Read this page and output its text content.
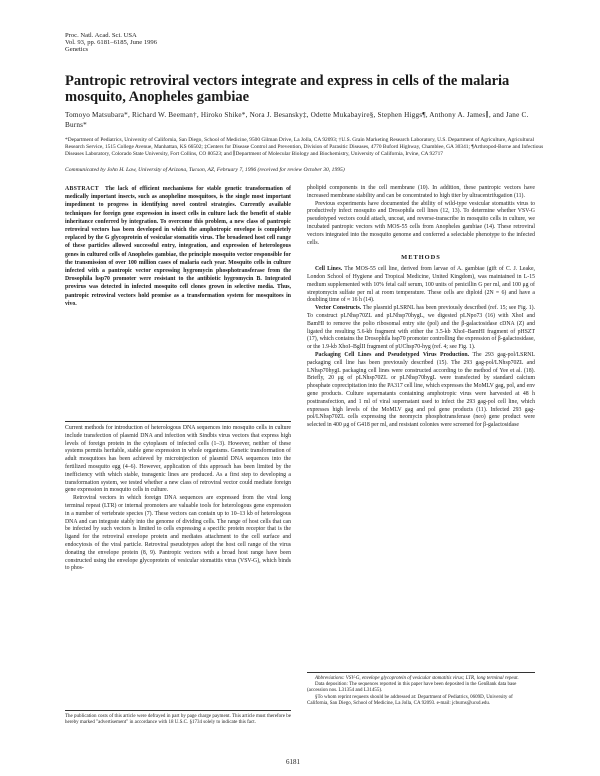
Proc. Natl. Acad. Sci. USA
Vol. 93, pp. 6181–6185, June 1996
Genetics
Pantropic retroviral vectors integrate and express in cells of the malaria mosquito, Anopheles gambiae
Tomoyo Matsubara*, Richard W. Beeman†, Hiroko Shike*, Nora J. Besansky‡, Odette Mukabayire§, Stephen Higgs¶, Anthony A. James∥, and Jane C. Burns*
*Department of Pediatrics, University of California, San Diego, School of Medicine, 9500 Gilman Drive, La Jolla, CA 92093; †U.S. Grain Marketing Research Laboratory, U.S. Department of Agriculture, Agricultural Research Service, 1515 College Avenue, Manhattan, KS 66502; ‡Centers for Disease Control and Prevention, Division of Parasitic Diseases, 4770 Buford Highway, Chamblee, GA 30341; ¶Arthropod-Borne and Infectious Diseases Laboratory, Colorado State University, Fort Collins, CO 80523; and ∥Department of Molecular Biology and Biochemistry, University of California, Irvine, CA 92717
Communicated by John H. Law, University of Arizona, Tucson, AZ, February 7, 1996 (received for review October 30, 1995)
ABSTRACT The lack of efficient mechanisms for stable genetic transformation of medically important insects, such as anopheline mosquitoes, is the single most important impediment to progress in identifying novel control strategies. Currently available techniques for foreign gene expression in insect cells in culture lack the benefit of stable inheritance conferred by integration. To overcome this problem, a new class of pantropic retroviral vectors has been developed in which the amphotropic envelope is completely replaced by the G glycoprotein of vesicular stomatitis virus. The broadened host cell range of these particles allowed successful entry, integration, and expression of heterologous genes in cultured cells of Anopheles gambiae, the principle mosquito vector responsible for the transmission of over 100 million cases of malaria each year. Mosquito cells in culture infected with a pantropic vector expressing hygromycin phosphotransferase from the Drosophila hsp70 promoter were resistant to the antibiotic hygromycin B. Integrated provirus was detected in infected mosquito cell clones grown in selective media. Thus, pantropic retroviral vectors hold promise as a transformation system for mosquitoes in vivo.

Current methods for introduction of heterologous DNA sequences into mosquito cells in culture include transfection of plasmid DNA and infection with Sindbis virus vectors that express high levels of foreign protein in the cytoplasm of infected cells (1–3). However, neither of these systems permits heritable, stable gene expression in whole organisms. Genetic transformation of adult mosquitoes has been achieved by microinjection of plasmid DNA sequences into the fertilized mosquito egg (4–6). However, application of this approach has been limited by the inefficiency with which stable, transgenic lines are produced. As a first step to developing a transformation system, we tested whether a new class of retroviral vector could mediate foreign gene expression in mosquito cells in culture.

Retroviral vectors in which foreign DNA sequences are expressed from the viral long terminal repeat (LTR) or internal promoters are valuable tools for heterologous gene expression in a number of vertebrate species (7). These vectors can contain up to 10–13 kb of heterologous DNA and can integrate stably into the genome of dividing cells. The range of host cells that can be infected by such vectors is limited to cells expressing a specific protein receptor that is the ligand for the retroviral envelope protein and mediates attachment to the cell surface and endocytosis of the viral particle. Retroviral pseudotypes adopt the host cell range of the virus donating the envelope protein (8, 9). Pantropic vectors with a broad host range have been constructed using the envelope glycoprotein of vesicular stomatitis virus (VSV-G), which binds to phos-

The publication costs of this article were defrayed in part by page charge payment. This article must therefore be hereby marked "advertisement" in accordance with 18 U.S.C. §1734 solely to indicate this fact.

pholipid components in the cell membrane (10). In addition, these pantropic vectors have increased membrane stability and can be concentrated to high titer by ultracentrifugation (11).

Previous experiments have documented the ability of wild-type vesicular stomatitis virus to productively infect mosquito and Drosophila cell lines (12, 13). To determine whether VSV-G pseudotyped vectors could attach, uncoat, and reverse-transcribe in mosquito cells in culture, we incubated pantropic vectors with MOS-55 cells from Anopheles gambiae (14). These retroviral vectors integrated into the mosquito genome and conferred a selectable phenotype to the infected cells.

METHODS

Cell Lines. The MOS-55 cell line, derived from larvae of A. gambiae (gift of C. J. Leake, London School of Hygiene and Tropical Medicine, United Kingdom), was maintained in L-15 medium supplemented with 10% fetal calf serum, 100 units of penicillin G per ml, and 100 μg of streptomycin sulfate per ml at room temperature. These cells are diploid (2N = 6) and have a doubling time of ≈ 16 h (14).

Vector Constructs. The plasmid pLSRNL has been previously described (ref. 15; see Fig. 1). To construct pLNhsp70ZL and pLNhsp70hygL, we digested pLNpo73 (16) with XhoI and BamHI to remove the polio ribosomal entry site (pol) and the β-galactosidase cDNA (Z) and ligated the resulting 5.6-kb fragment with either the 3.5-kb XhoI–BamHI fragment of pHSZT (17), which contains the Drosophila hsp70 promoter controlling the expression of β-galactosidase, or the 1.9-kb XhoI–BglII fragment of pUChsp70-hyg (ref. 4; see Fig. 1).

Packaging Cell Lines and Pseudotyped Virus Production. The 293 gag-pol/LSRNL packaging cell line has been previously described (15). The 293 gag-pol/LNhsp70ZL and LNhsp70hygL packaging cell lines were constructed according to the method of Yee et al. (18). Briefly, 20 μg of pLNhsp70ZL or pLNhsp70hygL were transfected by standard calcium phosphate coprecipitation into the PA317 cell line, which expresses the MoMLV gag, pol, and env gene products. Culture supernatants containing amphotropic virus were harvested at 48 h posttransfection, and 1 ml of viral supernatant used to infect the 293 gag-pol cell line, which expresses high levels of the MoMLV gag and pol gene products (11). Infected 293 gag-pol/LNhsp70ZL cells expressing the neomycin phosphotransferase (neo) gene product were selected in 400 μg of G418 per ml, and resistant colonies were screened for β-galactosidase

Abbreviations: VSV-G, envelope glycoprotein of vesicular stomatitis virus; LTR, long terminal repeat.
Data deposition: The sequences reported in this paper have been deposited in the GenBank data base (accession nos. L31354 and L31455).
§To whom reprint requests should be addressed at: Department of Pediatrics, 0609D, University of California, San Diego, School of Medicine, La Jolla, CA 92093. e-mail: jcburns@ucsd.edu.
6181
